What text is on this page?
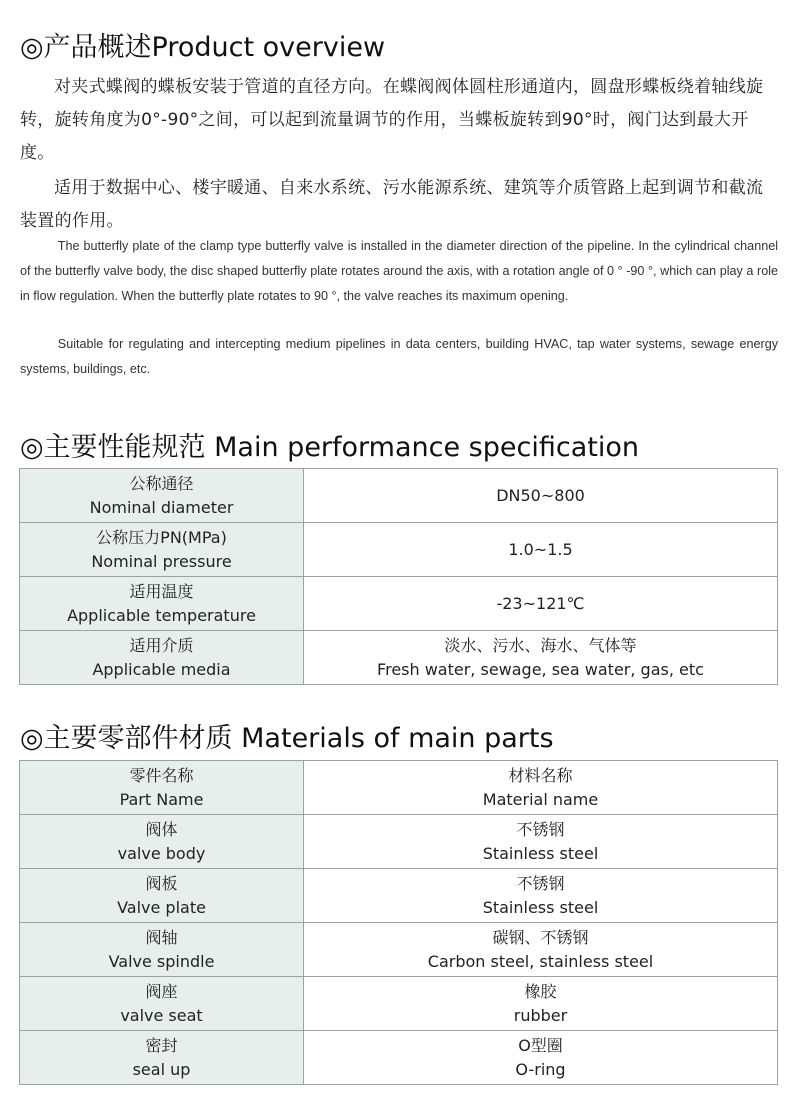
◎产品概述Product overview

对夹式蝶阀的蝶板安装于管道的直径方向。在蝶阀阀体圆柱形通道内，圆盘形蝶板绕着轴线旋转，旋转角度为0°-90°之间，可以起到流量调节的作用，当蝶板旋转到90°时，阀门达到最大开度。

适用于数据中心、楼宇暖通、自来水系统、污水能源系统、建筑等介质管路上起到调节和截流装置的作用。

The butterfly plate of the clamp type butterfly valve is installed in the diameter direction of the pipeline. In the cylindrical channel of the butterfly valve body, the disc shaped butterfly plate rotates around the axis, with a rotation angle of 0 ° -90 °, which can play a role in flow regulation. When the butterfly plate rotates to 90 °, the valve reaches its maximum opening.

Suitable for regulating and intercepting medium pipelines in data centers, building HVAC, tap water systems, sewage energy systems, buildings, etc.

◎主要性能规范 Main performance specification
公称通径
Nominal diameter	DN50~800

公称压力PN(MPa)
Nominal pressure	1.0~1.5

适用温度
Applicable temperature	-23~121℃

适用介质
Applicable media	淡水、污水、海水、气体等
Fresh water, sewage, sea water, gas, etc
◎主要零部件材质 Materials of main parts
零件名称
Part Name	材料名称
Material name

阀体
valve body	不锈钢
Stainless steel

阀板
Valve plate	不锈钢
Stainless steel

阀轴
Valve spindle	碳钢、不锈钢
Carbon steel, stainless steel

阀座
valve seat	橡胶
rubber

密封
seal up	O型圈
O-ring
